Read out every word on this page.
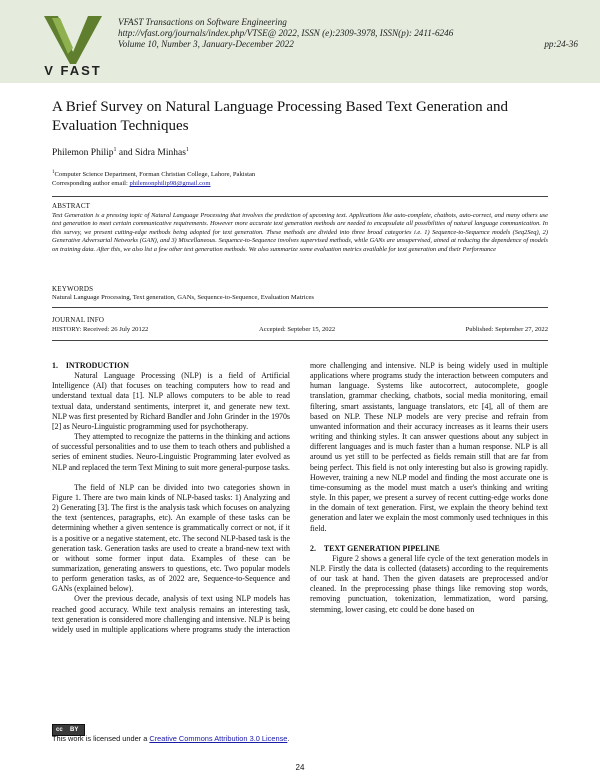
V FAST
VFAST Transactions on Software Engineering
http://vfast.org/journals/index.php/VTSE@ 2022, ISSN (e):2309-3978, ISSN(p): 2411-6246
Volume 10, Number 3, January-December 2022	pp:24-36
A Brief Survey on Natural Language Processing Based Text Generation and Evaluation Techniques
Philemon Philip$^1$ and Sidra Minhas$^1$
$^1$Computer Science Department, Forman Christian College, Lahore, Pakistan
Corresponding author email: philemonphilip98@gmail.com
ABSTRACT
Text Generation is a pressing topic of Natural Language Processing that involves the prediction of upcoming text. Applications like auto-complete, chatbots, auto-correct, and many others use text generation to meet certain communicative requirements. However more accurate text generation methods are needed to encapsulate all possibilities of natural language communication. In this survey, we present cutting-edge methods being adopted for text generation. These methods are divided into three broad categories i.e. 1) Sequence-to-Sequence models (Seq2Seq), 2) Generative Adversarial Networks (GAN), and 3) Miscellaneous. Sequence-to-Sequence involves supervised methods, while GANs are unsupervised, aimed at reducing the dependence of models on training data. After this, we also list a few other text generation methods. We also summarize some evaluation metrics available for text generation and their Performance
KEYWORDS
Natural Language Processing, Text generation, GANs, Sequence-to-Sequence, Evaluation Matrices
JOURNAL INFO
HISTORY: Received: 26 July 20122	Accepted: Septeber 15, 2022	Published: September 27, 2022

1. INTRODUCTION

Natural Language Processing (NLP) is a field of Artificial Intelligence (AI) that focuses on teaching computers how to read and understand textual data [1]. NLP allows computers to be able to read textual data, understand sentiments, interpret it, and generate new text. NLP was first presented by Richard Bandler and John Grinder in the 1970s [2] as Neuro-Linguistic programming used for psychotherapy.

They attempted to recognize the patterns in the thinking and actions of successful personalities and to use them to teach others and published a series of eminent studies. Neuro-Linguistic Programming later evolved as NLP and replaced the term Text Mining to suit more general-purpose tasks.

The field of NLP can be divided into two categories shown in Figure 1. There are two main kinds of NLP-based tasks: 1) Analyzing and 2) Generating [3]. The first is the analysis task which focuses on analyzing the text (sentences, paragraphs, etc). An example of these tasks can be determining whether a given sentence is grammatically correct or not, if it is a positive or a negative statement, etc. The second NLP-based task is the generation task. Generation tasks are used to create a brand-new text with or without some former input data. Examples of these can be summarization, generating answers to questions, etc. Two popular models to perform generation tasks, as of 2022 are, Sequence-to-Sequence and GANs (explained below).

Over the previous decade, analysis of text using NLP models has reached good accuracy. While text analysis remains an interesting task, text generation is considered more challenging and intensive. NLP is being widely used in multiple applications where programs study the interaction

more challenging and intensive. NLP is being widely used in multiple applications where programs study the interaction between computers and human language. Systems like autocorrect, autocomplete, google translation, grammar checking, chatbots, social media monitoring, email filtering, smart assistants, language translators, etc [4], all of them are based on NLP. These NLP models are very precise and refrain from unwanted information and their accuracy increases as it learns their users writing and thinking styles. It can answer questions about any subject in different languages and is much faster than a human response. NLP is all around us yet still to be perfected as fields remain still that are far from being perfect. This field is not only interesting but also is growing rapidly. However, training a new NLP model and finding the most accurate one is time-consuming as the model must match a user's thinking and writing style. In this paper, we present a survey of recent cutting-edge works done in the domain of text generation. First, we explain the theory behind text generation and later we explain the most commonly used techniques in this field.

2. TEXT GENERATION PIPELINE

Figure 2 shows a general life cycle of the text generation models in NLP. Firstly the data is collected (datasets) according to the requirements of our task at hand. Then the given datasets are preprocessed and/or cleaned. In the preprocessing phase things like removing stop words, removing punctuation, tokenization, lemmatization, word parsing, stemming, lower casing, etc could be done based on

cc BY
This work is licensed under a Creative Commons Attribution 3.0 License.
24
